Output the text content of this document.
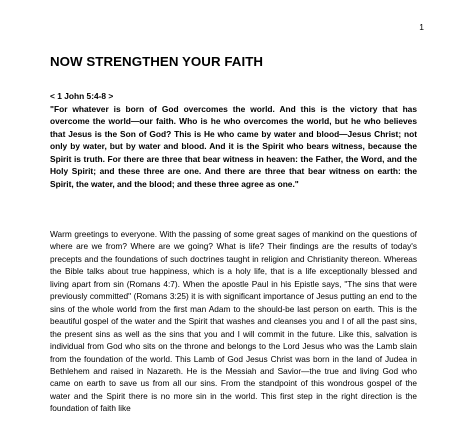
1
NOW STRENGTHEN YOUR FAITH
< 1 John 5:4-8 >

"For whatever is born of God overcomes the world. And this is the victory that has overcome the world—our faith. Who is he who overcomes the world, but he who believes that Jesus is the Son of God? This is He who came by water and blood—Jesus Christ; not only by water, but by water and blood. And it is the Spirit who bears witness, because the Spirit is truth. For there are three that bear witness in heaven: the Father, the Word, and the Holy Spirit; and these three are one. And there are three that bear witness on earth: the Spirit, the water, and the blood; and these three agree as one."

Warm greetings to everyone. With the passing of some great sages of mankind on the questions of where are we from? Where are we going? What is life? Their findings are the results of today's precepts and the foundations of such doctrines taught in religion and Christianity thereon. Whereas the Bible talks about true happiness, which is a holy life, that is a life exceptionally blessed and living apart from sin (Romans 4:7). When the apostle Paul in his Epistle says, "The sins that were previously committed" (Romans 3:25) it is with significant importance of Jesus putting an end to the sins of the whole world from the first man Adam to the should-be last person on earth. This is the beautiful gospel of the water and the Spirit that washes and cleanses you and I of all the past sins, the present sins as well as the sins that you and I will commit in the future. Like this, salvation is individual from God who sits on the throne and belongs to the Lord Jesus who was the Lamb slain from the foundation of the world. This Lamb of God Jesus Christ was born in the land of Judea in Bethlehem and raised in Nazareth. He is the Messiah and Savior—the true and living God who came on earth to save us from all our sins. From the standpoint of this wondrous gospel of the water and the Spirit there is no more sin in the world. This first step in the right direction is the foundation of faith like
